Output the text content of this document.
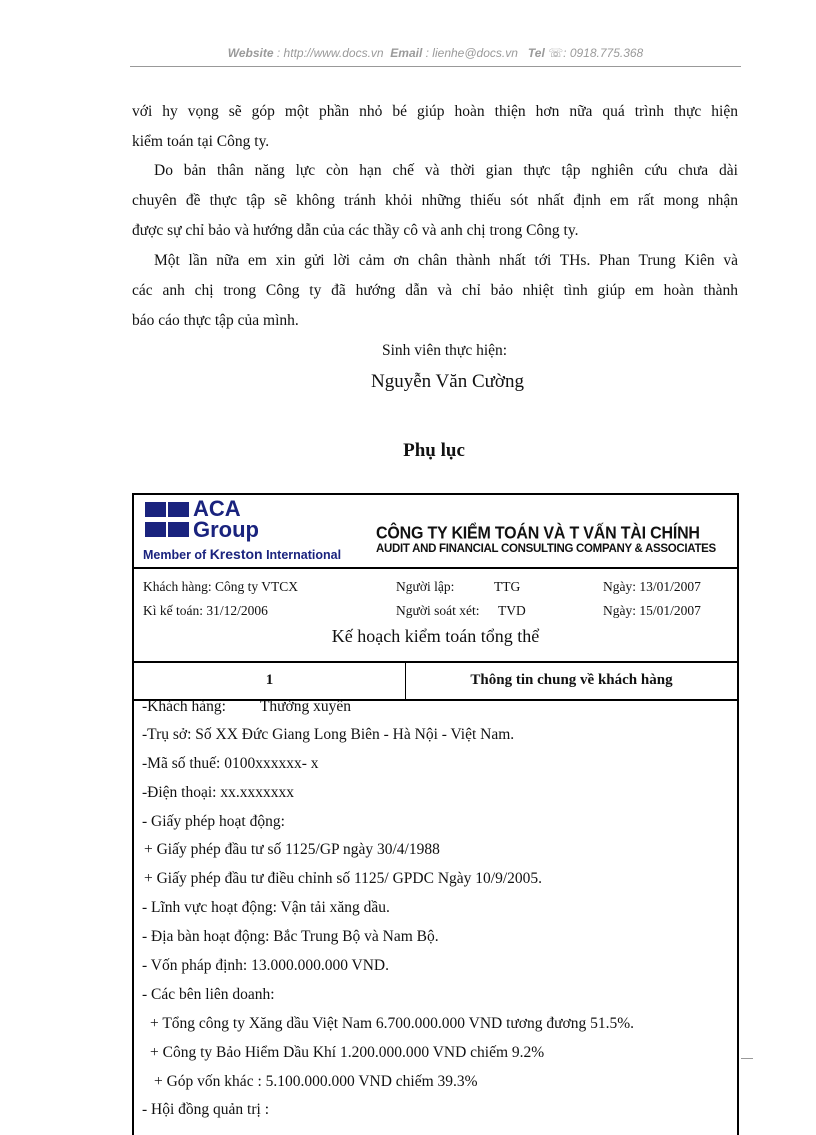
Website : http://www.docs.vn Email : lienhe@docs.vn Tel ☏: 0918.775.368
với hy vọng sẽ góp một phần nhỏ bé giúp hoàn thiện hơn nữa quá trình thực hiện
kiểm toán tại Công ty.
Do bản thân năng lực còn hạn chế và thời gian thực tập nghiên cứu chưa dài
chuyên đề thực tập sẽ không tránh khỏi những thiếu sót nhất định em rất mong nhận
được sự chỉ bảo và hướng dẫn của các thầy cô và anh chị trong Công ty.
Một lần nữa em xin gửi lời cảm ơn chân thành nhất tới THs. Phan Trung Kiên và
các anh chị trong Công ty đã hướng dẫn và chỉ bảo nhiệt tình giúp em hoàn thành
báo cáo thực tập của mình.
Sinh viên thực hiện:
Nguyễn Văn Cường
Phụ lục
ACA
Group
Member of Kreston International
CÔNG TY KIỂM TOÁN VÀ T VẤN TÀI CHÍNH
AUDIT AND FINANCIAL CONSULTING COMPANY & ASSOCIATES
Khách hàng: Công ty VTCX
Kì kế toán: 31/12/2006
Người lập:	TTG
Người soát xét: TVD
Ngày: 13/01/2007
Ngày: 15/01/2007
Kế hoạch kiểm toán tổng thể
1	Thông tin chung về khách hàng
-Khách hàng: Thường xuyên
-Trụ sở: Số XX Đức Giang Long Biên - Hà Nội - Việt Nam.
-Mã số thuế: 0100xxxxxx- x
-Điện thoại: xx.xxxxxxx
- Giấy phép hoạt động:
+ Giấy phép đầu tư số 1125/GP ngày 30/4/1988
+ Giấy phép đầu tư điều chỉnh số 1125/ GPDC Ngày 10/9/2005.
- Lĩnh vực hoạt động: Vận tải xăng dầu.
- Địa bàn hoạt động: Bắc Trung Bộ và Nam Bộ.
- Vốn pháp định: 13.000.000.000 VND.
- Các bên liên doanh:
+ Tổng công ty Xăng dầu Việt Nam 6.700.000.000 VND tương đương 51.5%.
+ Công ty Bảo Hiểm Dầu Khí 1.200.000.000 VND chiếm 9.2%
+ Góp vốn khác : 5.100.000.000 VND chiếm 39.3%
- Hội đồng quản trị :
